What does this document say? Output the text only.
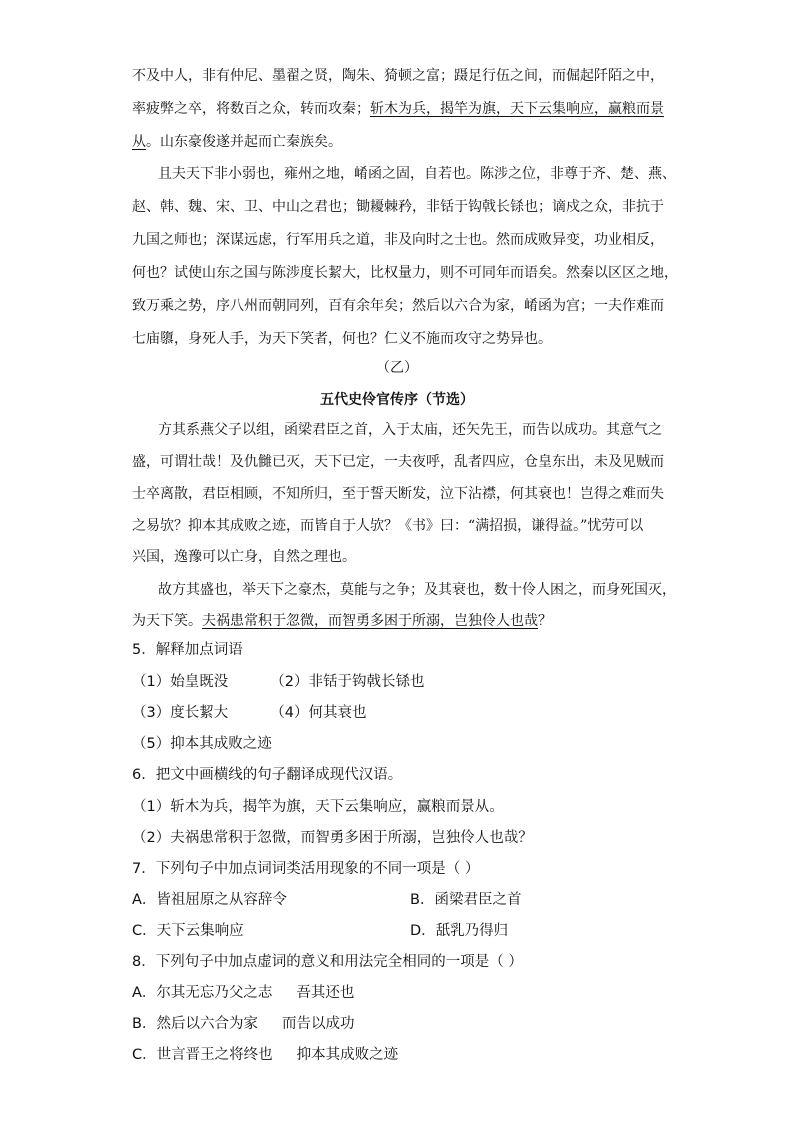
不及中人，非有仲尼、墨翟之贤，陶朱、猗顿之富；蹑足行伍之间，而倔起阡陌之中，
率疲弊之卒，将数百之众，转而攻秦；斩木为兵，揭竿为旗，天下云集响应，赢粮而景
从。山东豪俊遂并起而亡秦族矣。
且夫天下非小弱也，雍州之地，崤函之固，自若也。陈涉之位，非尊于齐、楚、燕、
赵、韩、魏、宋、卫、中山之君也；锄耰棘矜，非铦于钩戟长铩也；谪戍之众，非抗于
九国之师也；深谋远虑，行军用兵之道，非及向时之士也。然而成败异变，功业相反，
何也？试使山东之国与陈涉度长絜大，比权量力，则不可同年而语矣。然秦以区区之地，
致万乘之势，序八州而朝同列，百有余年矣；然后以六合为家，崤函为宫；一夫作难而
七庙隳，身死人手，为天下笑者，何也？仁义不施而攻守之势异也。
（乙）
五代史伶官传序（节选）
方其系燕父子以组，函梁君臣之首，入于太庙，还矢先王，而告以成功。其意气之
盛，可谓壮哉！及仇雠已灭，天下已定，一夫夜呼，乱者四应，仓皇东出，未及见贼而
士卒离散，君臣相顾，不知所归，至于誓天断发，泣下沾襟，何其衰也！岂得之难而失
之易欤？抑本其成败之迹，而皆自于人欤？《书》曰：“满招损，谦得益。”忧劳可以
兴国，逸豫可以亡身，自然之理也。
故方其盛也，举天下之豪杰，莫能与之争；及其衰也，数十伶人困之，而身死国灭，
为天下笑。夫祸患常积于忽微，而智勇多困于所溺，岂独伶人也哉？
5．解释加点词语
（1）始皇既没	（2）非铦于钩戟长铩也
（3）度长絜大	（4）何其衰也
（5）抑本其成败之迹
6．把文中画横线的句子翻译成现代汉语。
（1）斩木为兵，揭竿为旗，天下云集响应，赢粮而景从。
（2）夫祸患常积于忽微，而智勇多困于所溺，岂独伶人也哉？
7．下列句子中加点词词类活用现象的不同一项是（ ）
A．皆祖屈原之从容辞令	B．函梁君臣之首
C．天下云集响应	D．舐乳乃得归
8．下列句子中加点虚词的意义和用法完全相同的一项是（ ）
A．尔其无忘乃父之志 吾其还也
B．然后以六合为家 而告以成功
C．世言晋王之将终也 抑本其成败之迹
